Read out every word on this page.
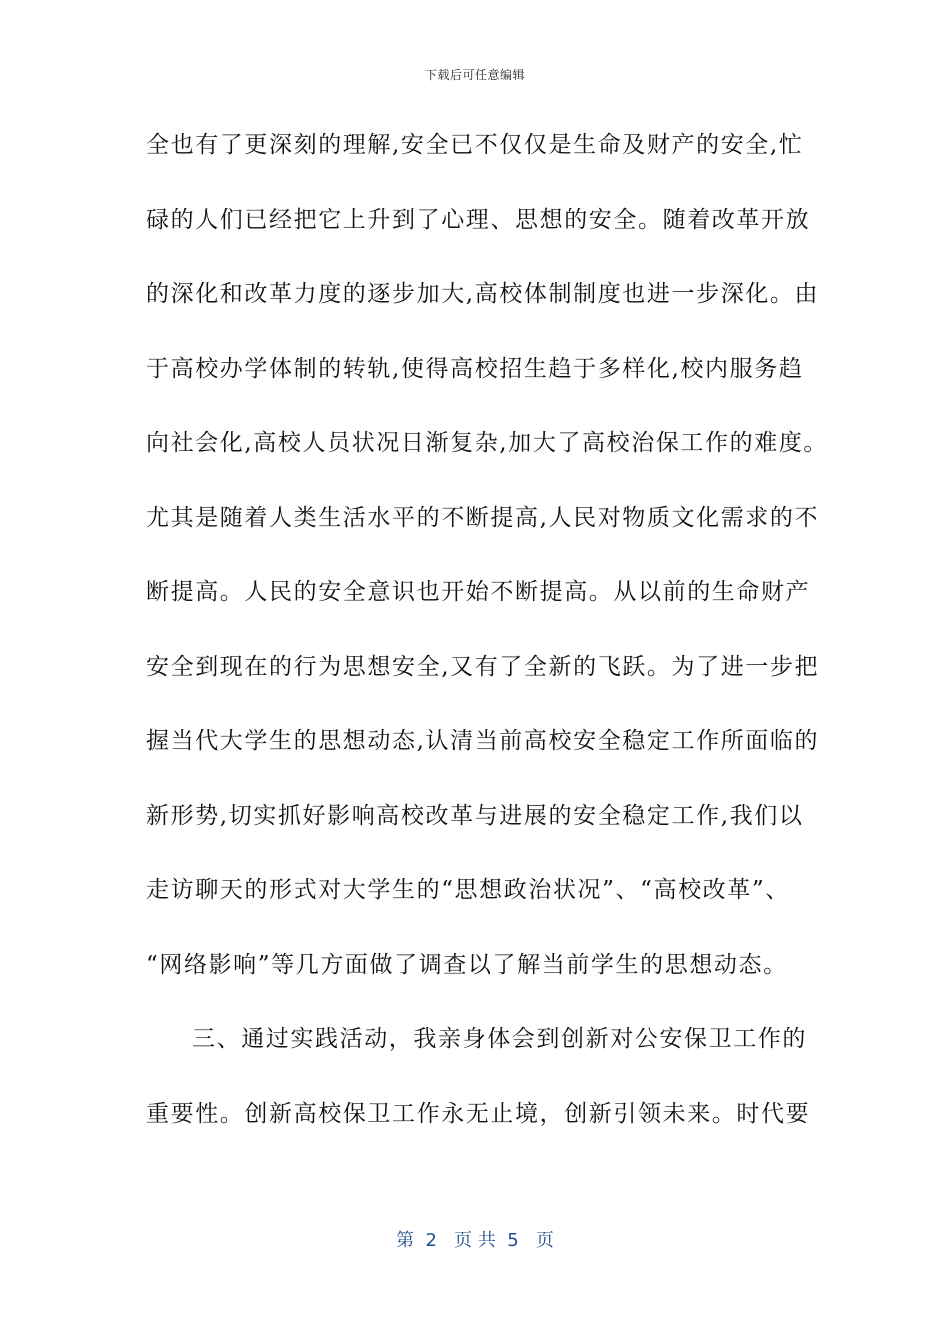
下载后可任意编辑
全也有了更深刻的理解,安全已不仅仅是生命及财产的安全,忙
碌的人们已经把它上升到了心理、思想的安全。随着改革开放
的深化和改革力度的逐步加大,高校体制制度也进一步深化。由
于高校办学体制的转轨,使得高校招生趋于多样化,校内服务趋
向社会化,高校人员状况日渐复杂,加大了高校治保工作的难度。
尤其是随着人类生活水平的不断提高,人民对物质文化需求的不
断提高。人民的安全意识也开始不断提高。从以前的生命财产
安全到现在的行为思想安全,又有了全新的飞跃。为了进一步把
握当代大学生的思想动态,认清当前高校安全稳定工作所面临的
新形势,切实抓好影响高校改革与进展的安全稳定工作,我们以
走访聊天的形式对大学生的“思想政治状况”、“高校改革”、
“网络影响”等几方面做了调查以了解当前学生的思想动态。
三、通过实践活动，我亲身体会到创新对公安保卫工作的
重要性。创新高校保卫工作永无止境，创新引领未来。时代要
第  2   页 共  5   页
